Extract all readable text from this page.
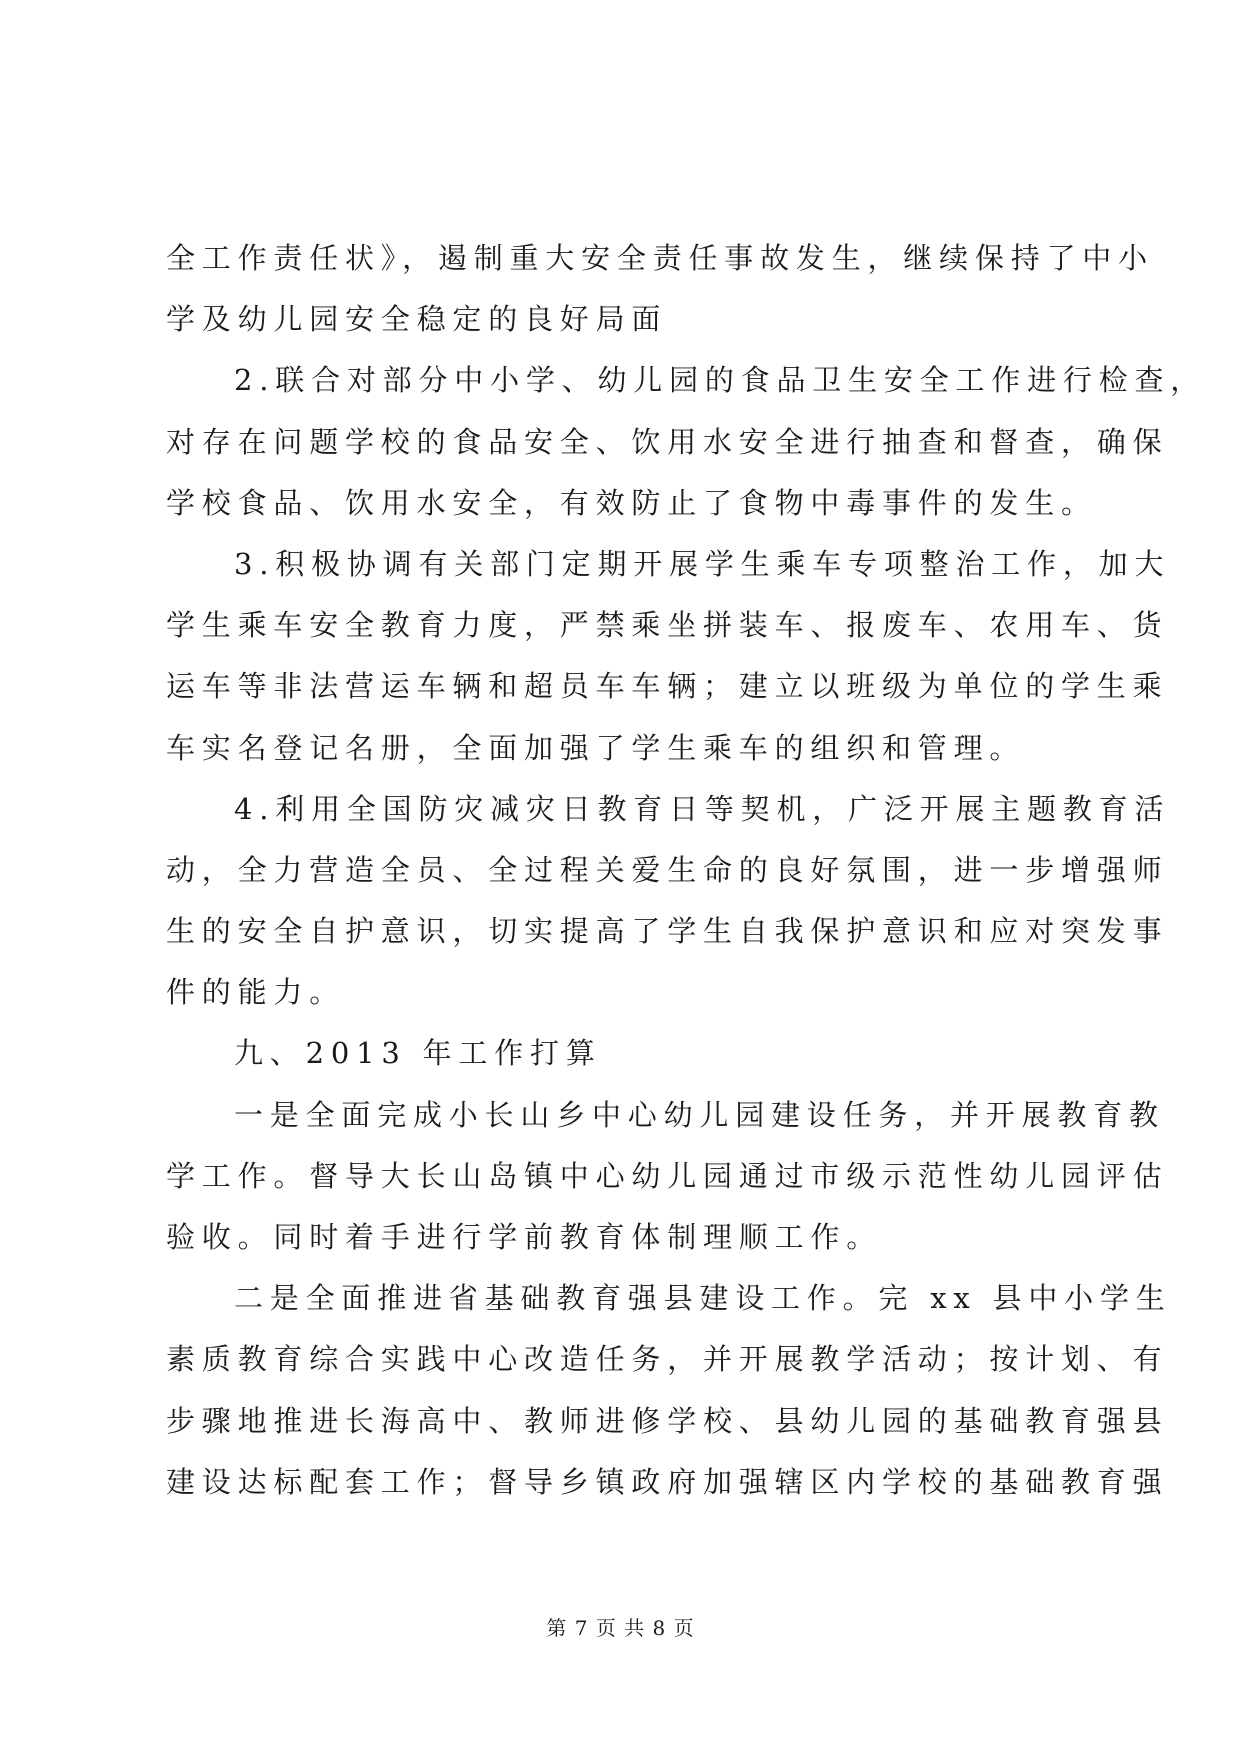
全工作责任状》，遏制重大安全责任事故发生，继续保持了中小
学及幼儿园安全稳定的良好局面
2.联合对部分中小学、幼儿园的食品卫生安全工作进行检查，
对存在问题学校的食品安全、饮用水安全进行抽查和督查，确保
学校食品、饮用水安全，有效防止了食物中毒事件的发生。
3.积极协调有关部门定期开展学生乘车专项整治工作，加大
学生乘车安全教育力度，严禁乘坐拼装车、报废车、农用车、货
运车等非法营运车辆和超员车车辆；建立以班级为单位的学生乘
车实名登记名册，全面加强了学生乘车的组织和管理。
4.利用全国防灾减灾日教育日等契机，广泛开展主题教育活
动，全力营造全员、全过程关爱生命的良好氛围，进一步增强师
生的安全自护意识，切实提高了学生自我保护意识和应对突发事
件的能力。
九、2013 年工作打算
一是全面完成小长山乡中心幼儿园建设任务，并开展教育教
学工作。督导大长山岛镇中心幼儿园通过市级示范性幼儿园评估
验收。同时着手进行学前教育体制理顺工作。
二是全面推进省基础教育强县建设工作。完 xx 县中小学生
素质教育综合实践中心改造任务，并开展教学活动；按计划、有
步骤地推进长海高中、教师进修学校、县幼儿园的基础教育强县
建设达标配套工作；督导乡镇政府加强辖区内学校的基础教育强
第 7 页 共 8 页
